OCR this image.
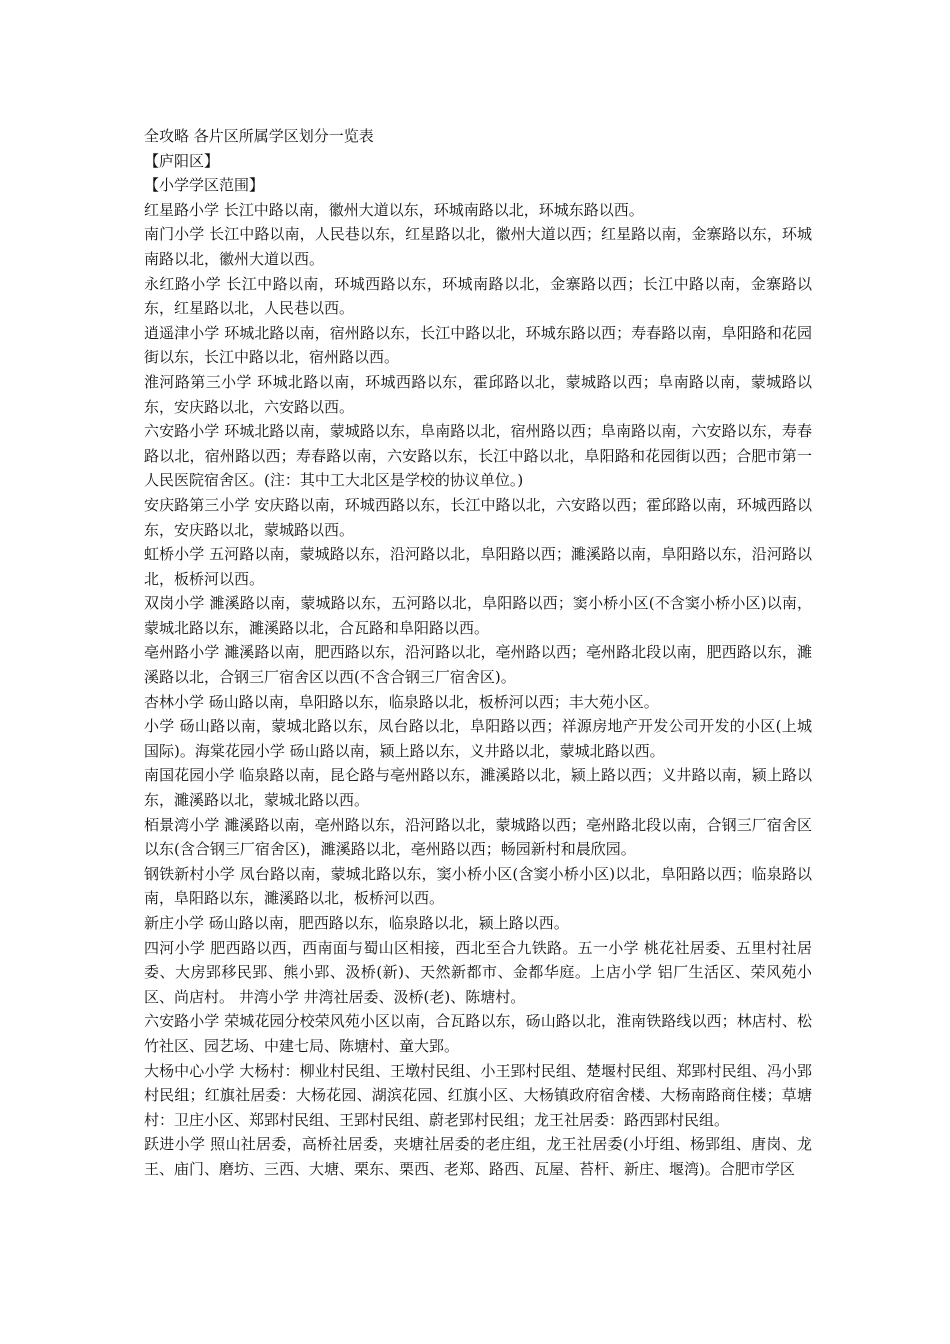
全攻略 各片区所属学区划分一览表

【庐阳区】

【小学学区范围】

红星路小学 长江中路以南，徽州大道以东，环城南路以北，环城东路以西。

南门小学 长江中路以南，人民巷以东，红星路以北，徽州大道以西；红星路以南，金寨路以东，环城南路以北，徽州大道以西。

永红路小学 长江中路以南，环城西路以东，环城南路以北，金寨路以西；长江中路以南，金寨路以东，红星路以北，人民巷以西。

逍遥津小学 环城北路以南，宿州路以东，长江中路以北，环城东路以西；寿春路以南，阜阳路和花园街以东，长江中路以北，宿州路以西。

淮河路第三小学 环城北路以南，环城西路以东，霍邱路以北，蒙城路以西；阜南路以南，蒙城路以东，安庆路以北，六安路以西。

六安路小学 环城北路以南，蒙城路以东，阜南路以北，宿州路以西；阜南路以南，六安路以东，寿春路以北，宿州路以西；寿春路以南，六安路以东，长江中路以北，阜阳路和花园街以西；合肥市第一人民医院宿舍区。(注：其中工大北区是学校的协议单位。)

安庆路第三小学 安庆路以南，环城西路以东，长江中路以北，六安路以西；霍邱路以南，环城西路以东，安庆路以北，蒙城路以西。

虹桥小学 五河路以南，蒙城路以东，沿河路以北，阜阳路以西；濉溪路以南，阜阳路以东，沿河路以北，板桥河以西。

双岗小学 濉溪路以南，蒙城路以东，五河路以北，阜阳路以西；窦小桥小区(不含窦小桥小区)以南，蒙城北路以东，濉溪路以北，合瓦路和阜阳路以西。

亳州路小学 濉溪路以南，肥西路以东，沿河路以北，亳州路以西；亳州路北段以南，肥西路以东，濉溪路以北，合钢三厂宿舍区以西(不含合钢三厂宿舍区)。

杏林小学 砀山路以南，阜阳路以东，临泉路以北，板桥河以西；丰大苑小区。

小学 砀山路以南，蒙城北路以东，凤台路以北，阜阳路以西；祥源房地产开发公司开发的小区(上城国际)。海棠花园小学 砀山路以南，颍上路以东，义井路以北，蒙城北路以西。

南国花园小学 临泉路以南，昆仑路与亳州路以东，濉溪路以北，颍上路以西；义井路以南，颍上路以东，濉溪路以北，蒙城北路以西。

栢景湾小学 濉溪路以南，亳州路以东，沿河路以北，蒙城路以西；亳州路北段以南，合钢三厂宿舍区以东(含合钢三厂宿舍区)，濉溪路以北，亳州路以西；畅园新村和晨欣园。

钢铁新村小学 凤台路以南，蒙城北路以东，窦小桥小区(含窦小桥小区)以北，阜阳路以西；临泉路以南，阜阳路以东，濉溪路以北，板桥河以西。

新庄小学 砀山路以南，肥西路以东，临泉路以北，颍上路以西。

四河小学 肥西路以西，西南面与蜀山区相接，西北至合九铁路。五一小学 桃花社居委、五里村社居委、大房郢移民郢、熊小郢、汲桥(新)、天然新都市、金都华庭。上店小学 铝厂生活区、荣风苑小区、尚店村。 井湾小学 井湾社居委、汲桥(老)、陈塘村。

六安路小学 荣城花园分校荣风苑小区以南，合瓦路以东，砀山路以北，淮南铁路线以西；林店村、松竹社区、园艺场、中建七局、陈塘村、童大郢。

大杨中心小学 大杨村：柳业村民组、王墩村民组、小王郢村民组、楚堰村民组、郑郢村民组、冯小郢村民组；红旗社居委：大杨花园、湖滨花园、红旗小区、大杨镇政府宿舍楼、大杨南路商住楼；草塘村：卫庄小区、郑郢村民组、王郢村民组、蔚老郢村民组；龙王社居委：路西郢村民组。

跃进小学 照山社居委，高桥社居委，夹塘社居委的老庄组，龙王社居委(小圩组、杨郢组、唐岗、龙王、庙门、磨坊、三西、大塘、栗东、栗西、老郑、路西、瓦屋、苔杆、新庄、堰湾)。合肥市学区
